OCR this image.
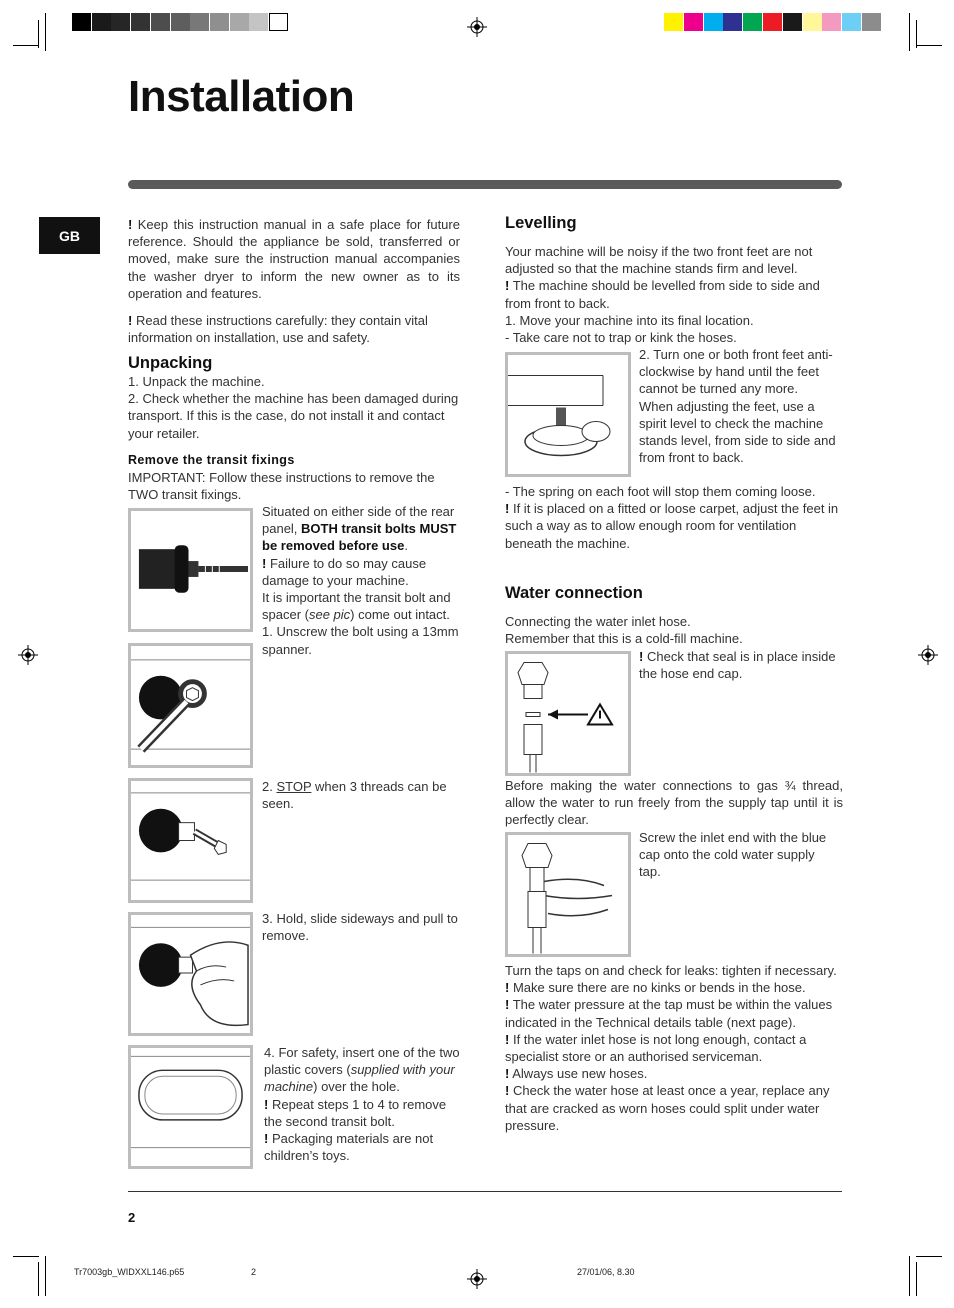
Installation
GB
! Keep this instruction manual in a safe place for future reference. Should the appliance be sold, transferred or moved, make sure the instruction manual accompanies the washer dryer to inform the new owner as to its operation and features.
! Read these instructions carefully: they contain vital information on installation, use and safety.
Unpacking

1. Unpack the machine.

2. Check whether the machine has been damaged during transport. If this is the case, do not install it and contact your retailer.

Remove the transit fixings
IMPORTANT: Follow these instructions to remove the TWO transit fixings.
Situated on either side of the rear panel, BOTH transit bolts MUST be removed before use.
! Failure to do so may cause damage to your machine.
It is important the transit bolt and spacer (see pic) come out intact.
1. Unscrew the bolt using a 13mm spanner.
2. STOP when 3 threads can be seen.
3. Hold, slide sideways and pull to remove.
4. For safety, insert one of the two plastic covers (supplied with your machine) over the hole.
! Repeat steps 1 to 4 to remove the second transit bolt.
! Packaging materials are not children’s toys.
Levelling

Your machine will be noisy if the two front feet are not adjusted so that the machine stands firm and level.

! The machine should be levelled from side to side and from front to back.

1. Move your machine into its final location.

- Take care not to trap or kink the hoses.

2. Turn one or both front feet anti-clockwise by hand until the feet cannot be turned any more.

When adjusting the feet, use a spirit level to check the machine stands level, from side to side and from front to back.

- The spring on each foot will stop them coming loose.

! If it is placed on a fitted or loose carpet, adjust the feet in such a way as to allow enough room for ventilation beneath the machine.

Water connection

Connecting the water inlet hose.

Remember that this is a cold-fill machine.

! Check that seal is in place inside the hose end cap.
Before making the water connections to gas ¾ thread, allow the water to run freely from the supply tap until it is perfectly clear.
Screw the inlet end with the blue cap onto the cold water supply tap.

Turn the taps on and check for leaks: tighten if necessary.

! Make sure there are no kinks or bends in the hose.

! The water pressure at the tap must be within the values indicated in the Technical details table (next page).

! If the water inlet hose is not long enough, contact a specialist store or an authorised serviceman.

! Always use new hoses.

! Check the water hose at least once a year, replace any that are cracked as worn hoses could split under water pressure.

2
Tr7003gb_WIDXXL146.p65	2	27/01/06, 8.30
